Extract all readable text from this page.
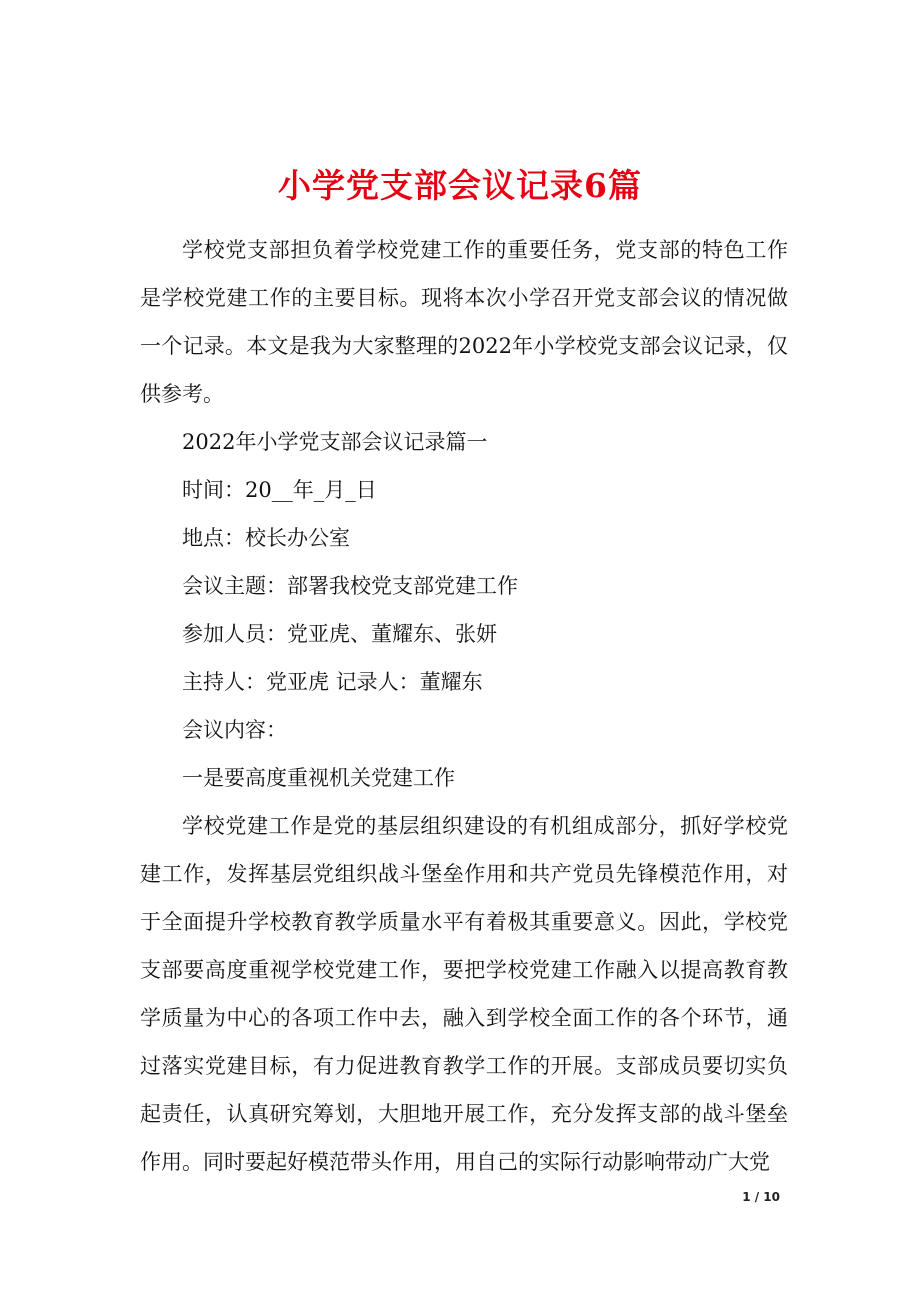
小学党支部会议记录6篇

学校党支部担负着学校党建工作的重要任务，党支部的特色工作是学校党建工作的主要目标。现将本次小学召开党支部会议的情况做一个记录。本文是我为大家整理的2022年小学校党支部会议记录，仅供参考。

2022年小学党支部会议记录篇一

时间：20__年_月_日

地点：校长办公室

会议主题：部署我校党支部党建工作

参加人员：党亚虎、董耀东、张妍

主持人：党亚虎 记录人：董耀东

会议内容：

一是要高度重视机关党建工作

学校党建工作是党的基层组织建设的有机组成部分，抓好学校党建工作，发挥基层党组织战斗堡垒作用和共产党员先锋模范作用，对于全面提升学校教育教学质量水平有着极其重要意义。因此，学校党支部要高度重视学校党建工作，要把学校党建工作融入以提高教育教学质量为中心的各项工作中去，融入到学校全面工作的各个环节，通过落实党建目标，有力促进教育教学工作的开展。支部成员要切实负起责任，认真研究筹划，大胆地开展工作，充分发挥支部的战斗堡垒作用。同时要起好模范带头作用，用自己的实际行动影响带动广大党

1 / 10
